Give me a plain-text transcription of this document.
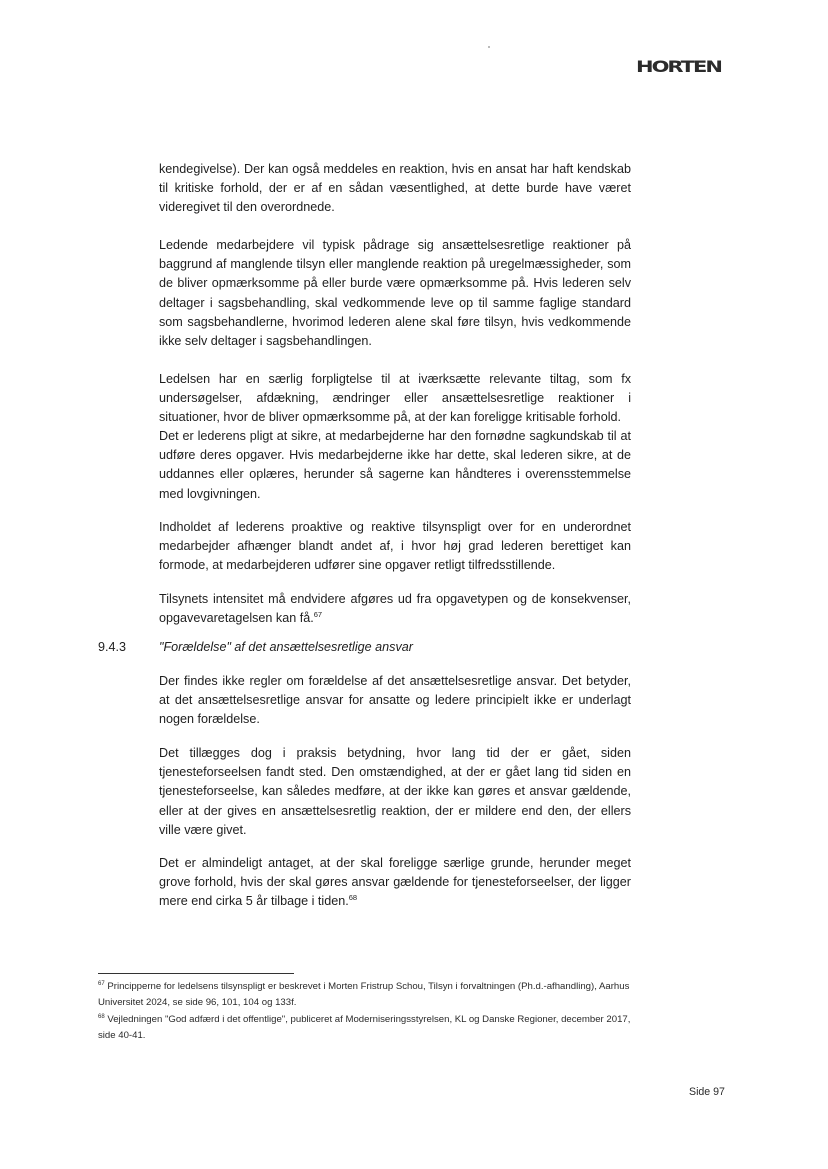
HORTEN

kendegivelse). Der kan også meddeles en reaktion, hvis en ansat har haft kendskab til kritiske forhold, der er af en sådan væsentlighed, at dette burde have været videregivet til den overordnede.

Ledende medarbejdere vil typisk pådrage sig ansættelsesretlige reaktioner på baggrund af manglende tilsyn eller manglende reaktion på uregelmæssigheder, som de bliver opmærksomme på eller burde være opmærksomme på. Hvis lederen selv deltager i sagsbehandling, skal vedkommende leve op til samme faglige standard som sagsbehandlerne, hvorimod lederen alene skal føre tilsyn, hvis vedkommende ikke selv deltager i sagsbehandlingen.

Ledelsen har en særlig forpligtelse til at iværksætte relevante tiltag, som fx undersøgelser, afdækning, ændringer eller ansættelsesretlige reaktioner i situationer, hvor de bliver opmærksomme på, at der kan foreligge kritisable forhold.

Det er lederens pligt at sikre, at medarbejderne har den fornødne sagkundskab til at udføre deres opgaver. Hvis medarbejderne ikke har dette, skal lederen sikre, at de uddannes eller oplæres, herunder så sagerne kan håndteres i overensstemmelse med lovgivningen.

Indholdet af lederens proaktive og reaktive tilsynspligt over for en underordnet medarbejder afhænger blandt andet af, i hvor høj grad lederen berettiget kan formode, at medarbejderen udfører sine opgaver retligt tilfredsstillende.

Tilsynets intensitet må endvidere afgøres ud fra opgavetypen og de konsekvenser, opgavevaretagelsen kan få.$^{67}$

9.4.3	"Forældelse" af det ansættelsesretlige ansvar

Der findes ikke regler om forældelse af det ansættelsesretlige ansvar. Det betyder, at det ansættelsesretlige ansvar for ansatte og ledere principielt ikke er underlagt nogen forældelse.

Det tillægges dog i praksis betydning, hvor lang tid der er gået, siden tjenesteforseelsen fandt sted. Den omstændighed, at der er gået lang tid siden en tjenesteforseelse, kan således medføre, at der ikke kan gøres et ansvar gældende, eller at der gives en ansættelsesretlig reaktion, der er mildere end den, der ellers ville være givet.

Det er almindeligt antaget, at der skal foreligge særlige grunde, herunder meget grove forhold, hvis der skal gøres ansvar gældende for tjenesteforseelser, der ligger mere end cirka 5 år tilbage i tiden.$^{68}$

$^{67}$ Principperne for ledelsens tilsynspligt er beskrevet i Morten Fristrup Schou, Tilsyn i forvaltningen (Ph.d.-afhandling), Aarhus Universitet 2024, se side 96, 101, 104 og 133f.

$^{68}$ Vejledningen "God adfærd i det offentlige", publiceret af Moderniseringsstyrelsen, KL og Danske Regioner, december 2017, side 40-41.

Side 97
